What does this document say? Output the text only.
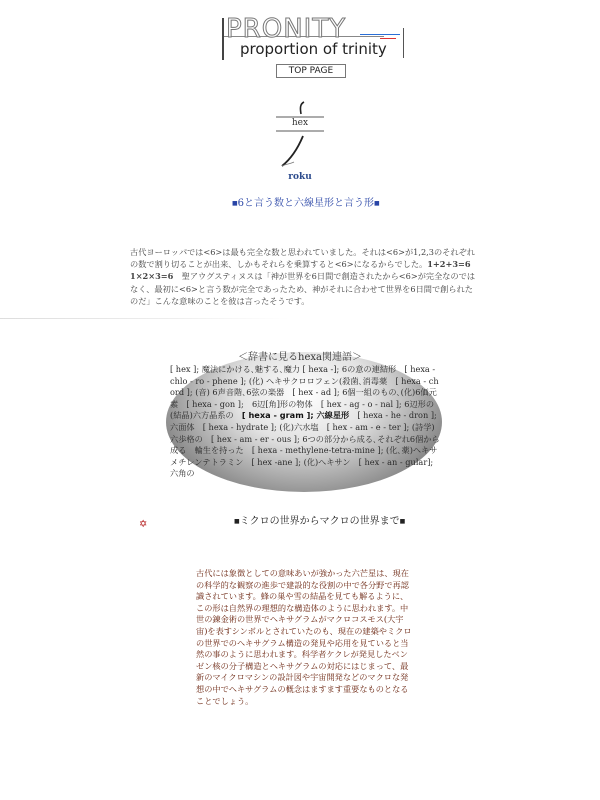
PRONITY
proportion of trinity
TOP PAGE
hex
roku
■6と言う数と六線星形と言う形■

古代ヨーロッパでは<6>は最も完全な数と思われていました。それは<6>が1,2,3のそれぞれの数で割り切ることが出来、しかもそれらを乗算すると<6>になるからでした。1+2+3=6　1×2×3=6　 聖アウグスティヌスは「神が世界を6日間で創造されたから<6>が完全なのではなく、最初に<6>と言う数が完全であったため、神がそれに合わせて世界を6日間で創られたのだ」こんな意味のことを彼は言ったそうです。

＜辞書に見るhexa関連語＞
[ hex ]; 魔法にかける､魅する､魔力 [ hexa -]; 6の意の連結形　[ hexa - chlo - ro - phene ]; (化) ヘキサクロロフェン(殺菌､消毒薬　[ hexa - chord ]; (音) 6声音階､6弦の楽器　[ hex - ad ]; 6個一組のもの､(化)6価元素　[ hexa - gon ];　6辺[角]形の物体　[ hex - ag - o - nal ]; 6辺形の(結晶)六方晶系の　[ hexa - gram ]; 六線星形　[ hexa - he - dron ]; 六面体　[ hexa - hydrate ]; (化)六水塩　[ hex - am - e - ter ]; (詩学)六歩格の　[ hex - am - er - ous ]; 6つの部分から成る､それぞれ6個から成る　輪生を持った　[ hexa - methylene-tetra-mine ]; (化､薬)ヘキサメチレンテトラミン　[ hex -ane ]; (化)ヘキサン　[ hex - an - gular]; 六角の
✡	■ミクロの世界からマクロの世界まで■

古代には象徴としての意味あいが強かった六芒星は、現在の科学的な観察の進歩で建設的な役割の中で各分野で再認識されています。蜂の巣や雪の結晶を見ても解るように、この形は自然界の理想的な構造体のように思われます。中世の錬金術の世界でヘキサグラムがマクロコスモス(大宇宙)を表すシンボルとされていたのも、現在の建築やミクロの世界でのヘキサグラム構造の発見や応用を見ていると当然の事のように思われます。科学者ケクレが発見したベンゼン核の分子構造とヘキサグラムの対応にはじまって、最新のマイクロマシンの設計図や宇宙開発などのマクロな発想の中でヘキサグラムの概念はますます重要なものとなることでしょう。
